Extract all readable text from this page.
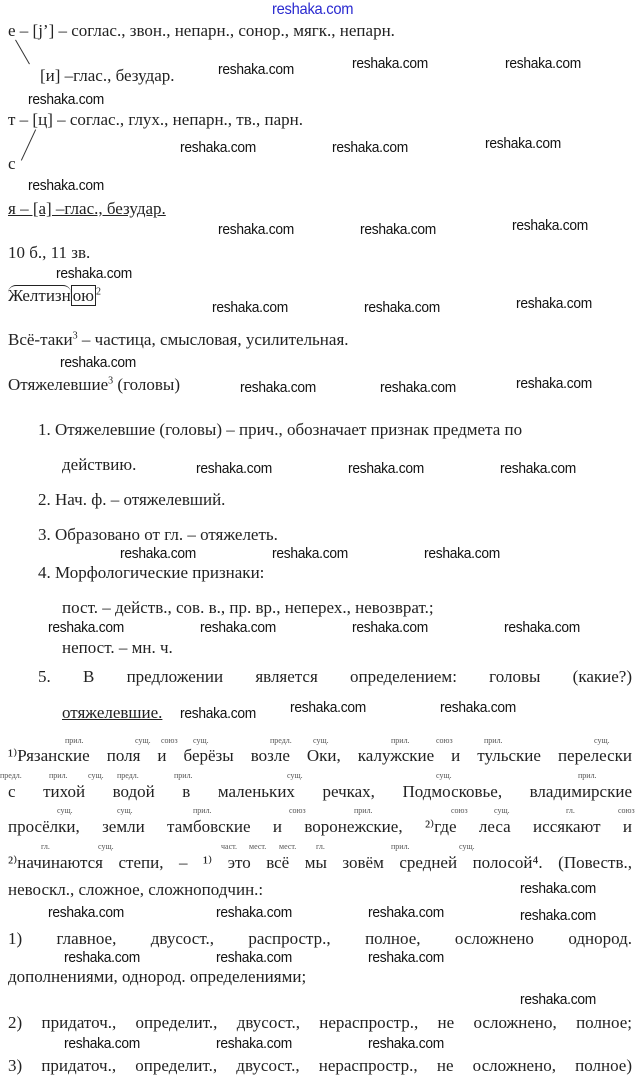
reshaka.com
е – [j’] – соглас., звон., непарн., сонор., мягк., непарн.
[и] –глас., безудар.
т – [ц] – соглас., глух., непарн., тв., парн.
с
я – [а] –глас., безудар.
10 б., 11 зв.
Желтизн ою $^2$
Всё-таки$^3$ – частица, смысловая, усилительная.
Отяжелевшие$^3$ (головы)
1. Отяжелевшие (головы) – прич., обозначает признак предмета по
действию.
2. Нач. ф. – отяжелевший.
3. Образовано от гл. – отяжелеть.
4. Морфологические признаки:
пост. – действ., сов. в., пр. вр., неперех., невозврат.;
непост. – мн. ч.
5. В предложении является определением: головы (какие?)
отяжелевшие.
прил.	сущ. союз сущ.	предл.	сущ.	прил.	союз	прил.	сущ.
предл.	прил.	сущ. предл.	прил.	сущ.	сущ.	прил.
сущ.	сущ.	прил.	союз	прил.	союз	сущ.	гл.	союз
гл.	сущ.	част. мест. мест. гл.	прил.	сущ.
¹⁾Рязанские поля и берёзы возле Оки, калужские и тульские перелески
с тихой водой в маленьких речках, Подмосковье, владимирские
просёлки, земли тамбовские и воронежские, ²⁾где леса иссякают и
²⁾начинаются степи, – ¹⁾ это всё мы зовём средней полосой⁴. (Повеств.,
невоскл., сложное, сложноподчин.:
1) главное, двусост., распростр., полное, осложнено однород.
дополнениями, однород. определениями;
2) придаточ., определит., двусост., нераспростр., не осложнено, полное;
3) придаточ., определит., двусост., нераспростр., не осложнено, полное)
reshaka.com	reshaka.com	reshaka.com
reshaka.com
reshaka.com	reshaka.com	reshaka.com
reshaka.com
reshaka.com	reshaka.com	reshaka.com
reshaka.com
reshaka.com	reshaka.com	reshaka.com
reshaka.com
reshaka.com	reshaka.com	reshaka.com
reshaka.com	reshaka.com	reshaka.com
reshaka.com	reshaka.com	reshaka.com
reshaka.com	reshaka.com	reshaka.com	reshaka.com
reshaka.com	reshaka.com
reshaka.com
reshaka.com
reshaka.com	reshaka.com	reshaka.com	reshaka.com
reshaka.com	reshaka.com	reshaka.com
reshaka.com
reshaka.com	reshaka.com	reshaka.com
